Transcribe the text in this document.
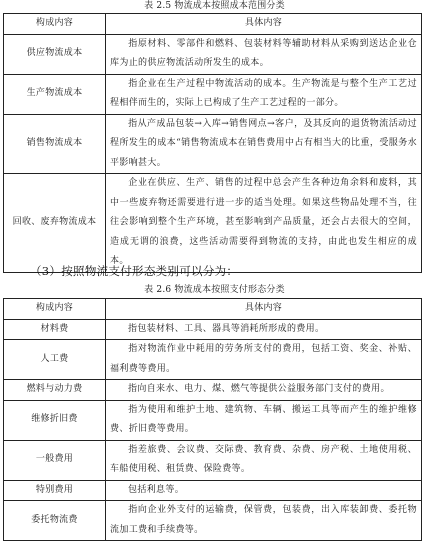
表 2.5 物流成本按照成本范围分类
构成内容	具体内容
供应物流成本	指原材料、零部件和燃料、包装材料等辅助材料从采购到送达企业仓库为止的供应物流活动所发生的成本。
生产物流成本	指企业在生产过程中物流活动的成本。生产物流是与整个生产工艺过程相伴而生的，实际上已构成了生产工艺过程的一部分。
销售物流成本	指从产成品包装→入库→销售网点→客户，及其反向的退货物流活动过程所发生的成本“销售物流成本在销售费用中占有相当大的比重，受服务水平影响甚大。
回收、废弃物流成本	企业在供应、生产、销售的过程中总会产生各种边角余料和废料，其中一些废弃物还需要进行进一步的适当处理。如果这些物品处理不当，往往会影响到整个生产环境，甚至影响到产品质量，还会占去很大的空间，造成无谓的浪费，这些活动需要得到物流的支持，由此也发生相应的成本。
（3）按照物流支付形态类别可以分为：
表 2.6 物流成本按照支付形态分类
构成内容	具体内容
材料费	指包装材料、工具、器具等消耗所形成的费用。
人工费	指对物流作业中耗用的劳务所支付的费用，包括工资、奖金、补贴、福利费等费用。
燃料与动力费	指向自来水、电力、煤、燃气等提供公益服务部门支付的费用。
维修折旧费	指为使用和维护土地、建筑物、车辆、搬运工具等而产生的维护维修费、折旧费等费用。
一般费用	指差旅费、会议费、交际费、教育费、杂费、房产税、土地使用税、车船使用税、租赁费、保险费等。
特别费用	包括利息等。
委托物流费	指向企业外支付的运输费，保管费，包装费，出入库装卸费、委托物流加工费和手续费等。
